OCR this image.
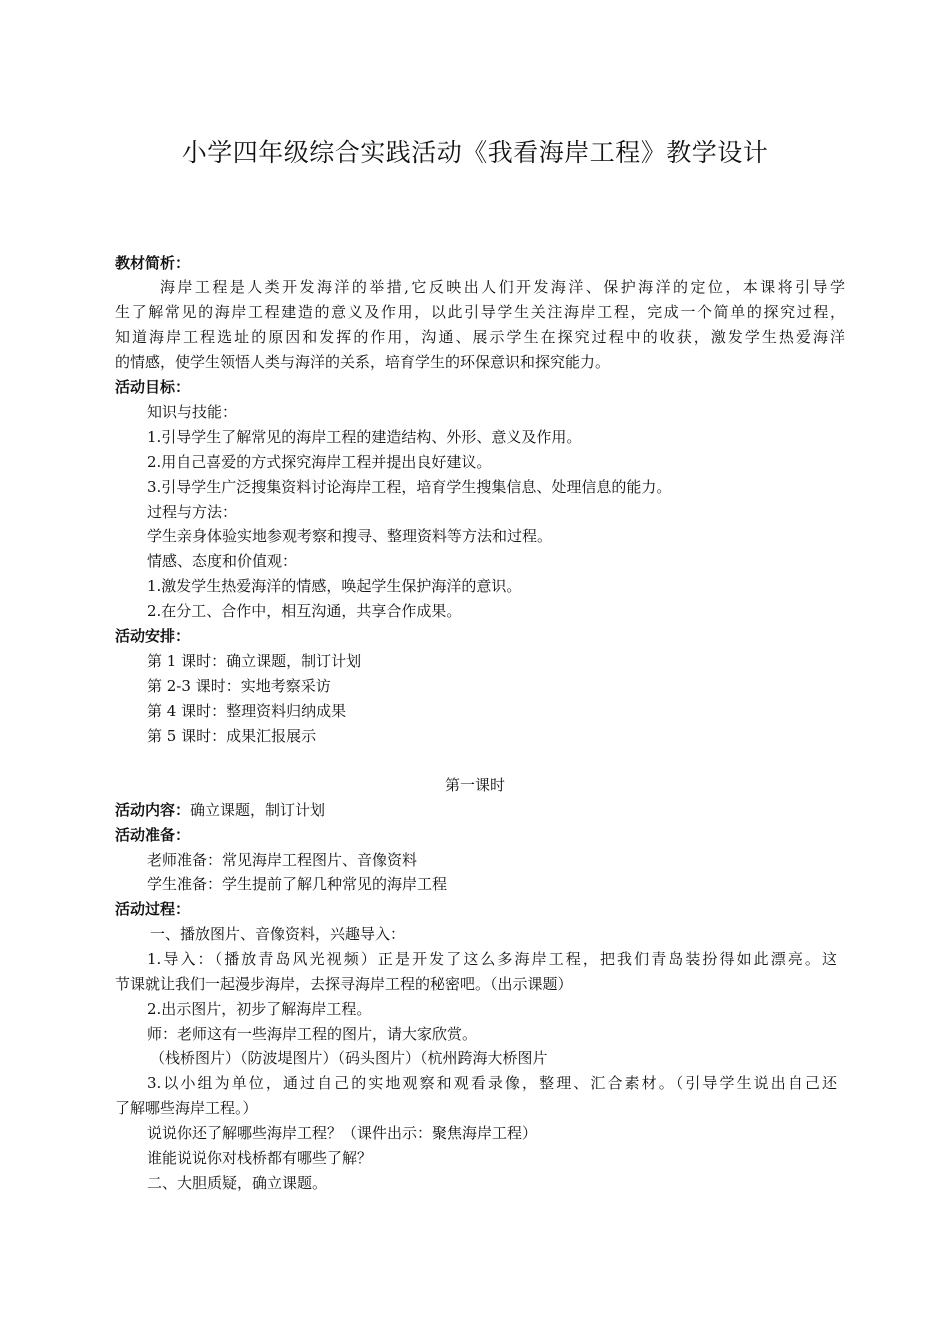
小学四年级综合实践活动《我看海岸工程》教学设计
教材简析：
海岸工程是人类开发海洋的举措,它反映出人们开发海洋、保护海洋的定位，本课将引导学
生了解常见的海岸工程建造的意义及作用，以此引导学生关注海岸工程，完成一个简单的探究过程，
知道海岸工程选址的原因和发挥的作用，沟通、展示学生在探究过程中的收获，激发学生热爱海洋
的情感，使学生领悟人类与海洋的关系，培育学生的环保意识和探究能力。
活动目标：
知识与技能：
1.引导学生了解常见的海岸工程的建造结构、外形、意义及作用。
2.用自己喜爱的方式探究海岸工程并提出良好建议。
3.引导学生广泛搜集资料讨论海岸工程，培育学生搜集信息、处理信息的能力。
过程与方法：
学生亲身体验实地参观考察和搜寻、整理资料等方法和过程。
情感、态度和价值观：
1.激发学生热爱海洋的情感，唤起学生保护海洋的意识。
2.在分工、合作中，相互沟通，共享合作成果。
活动安排：
第 1 课时：确立课题，制订计划
第 2-3 课时：实地考察采访
第 4 课时：整理资料归纳成果
第 5 课时：成果汇报展示
第一课时
活动内容：确立课题，制订计划
活动准备：
老师准备：常见海岸工程图片、音像资料
学生准备：学生提前了解几种常见的海岸工程
活动过程：
一、播放图片、音像资料，兴趣导入：
1.导入：（播放青岛风光视频）正是开发了这么多海岸工程，把我们青岛装扮得如此漂亮。这
节课就让我们一起漫步海岸，去探寻海岸工程的秘密吧。（出示课题）
2.出示图片，初步了解海岸工程。
师：老师这有一些海岸工程的图片，请大家欣赏。
（栈桥图片）（防波堤图片）（码头图片）（杭州跨海大桥图片
3.以小组为单位，通过自己的实地观察和观看录像，整理、汇合素材。（引导学生说出自己还
了解哪些海岸工程。）
说说你还了解哪些海岸工程？（课件出示：聚焦海岸工程）
谁能说说你对栈桥都有哪些了解？
二、大胆质疑，确立课题。
